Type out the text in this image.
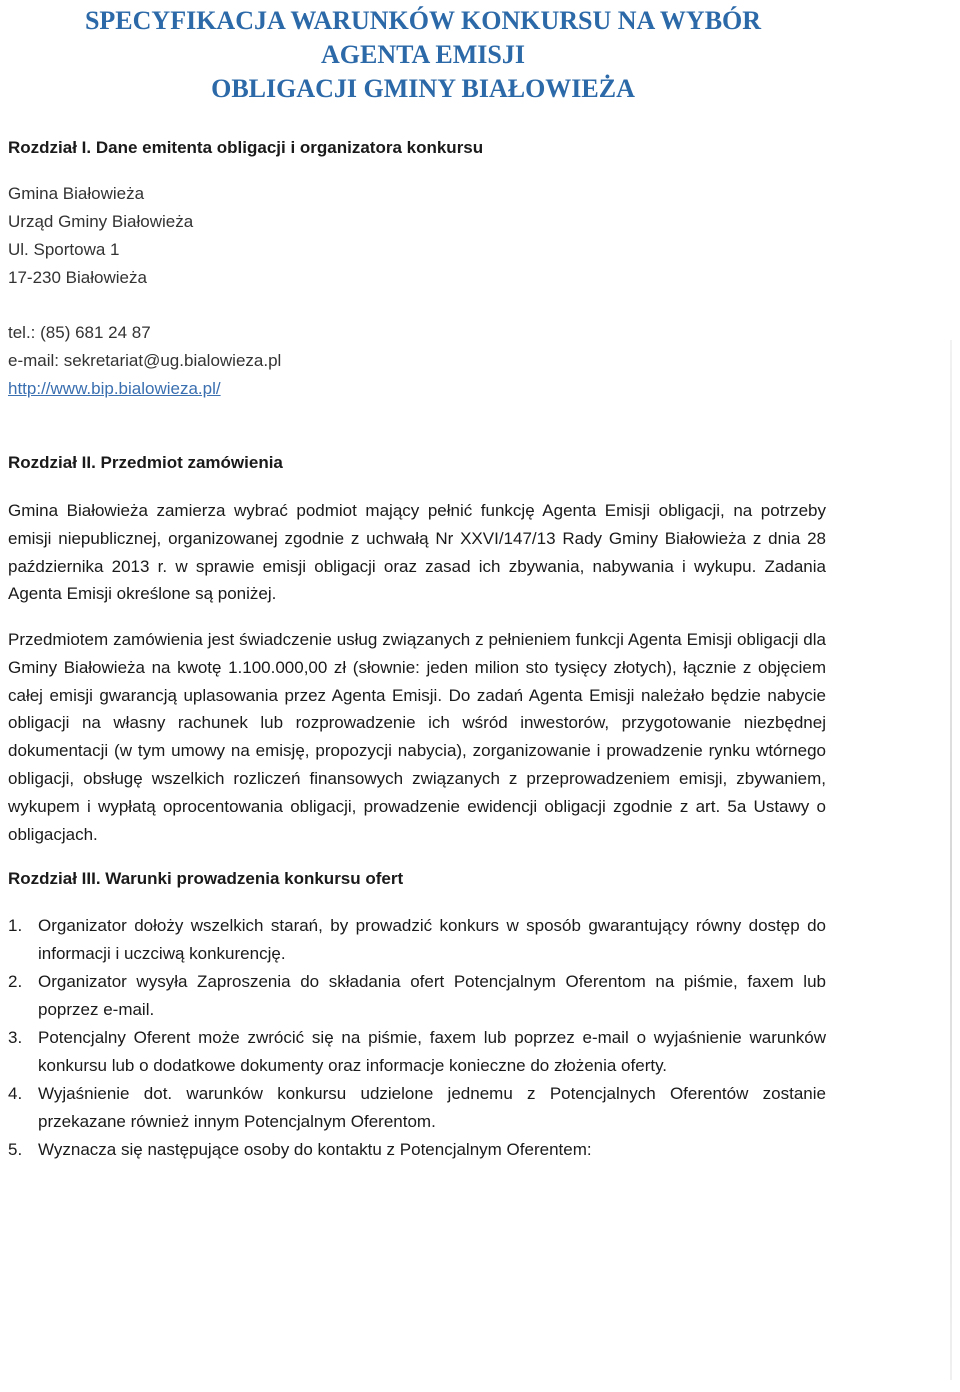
SPECYFIKACJA WARUNKÓW KONKURSU NA WYBÓR AGENTA EMISJI
OBLIGACJI GMINY BIAŁOWIEŻA
Rozdział I. Dane emitenta obligacji i organizatora konkursu

Gmina Białowieża

Urząd Gminy Białowieża

Ul. Sportowa 1

17-230 Białowieża

tel.: (85) 681 24 87

e-mail: sekretariat@ug.bialowieza.pl

http://www.bip.bialowieza.pl/

Rozdział II. Przedmiot zamówienia

Gmina Białowieża zamierza wybrać podmiot mający pełnić funkcję Agenta Emisji obligacji, na potrzeby emisji niepublicznej, organizowanej zgodnie z uchwałą Nr XXVI/147/13 Rady Gminy Białowieża z dnia 28 października 2013 r. w sprawie emisji obligacji oraz zasad ich zbywania, nabywania i wykupu. Zadania Agenta Emisji określone są poniżej.

Przedmiotem zamówienia jest świadczenie usług związanych z pełnieniem funkcji Agenta Emisji obligacji dla Gminy Białowieża na kwotę 1.100.000,00 zł (słownie: jeden milion sto tysięcy złotych), łącznie z objęciem całej emisji gwarancją uplasowania przez Agenta Emisji. Do zadań Agenta Emisji należało będzie nabycie obligacji na własny rachunek lub rozprowadzenie ich wśród inwestorów, przygotowanie niezbędnej dokumentacji (w tym umowy na emisję, propozycji nabycia), zorganizowanie i prowadzenie rynku wtórnego obligacji, obsługę wszelkich rozliczeń finansowych związanych z przeprowadzeniem emisji, zbywaniem, wykupem i wypłatą oprocentowania obligacji, prowadzenie ewidencji obligacji zgodnie z art. 5a Ustawy o obligacjach.

Rozdział III. Warunki prowadzenia konkursu ofert
1. Organizator dołoży wszelkich starań, by prowadzić konkurs w sposób gwarantujący równy dostęp do informacji i uczciwą konkurencję.
2. Organizator wysyła Zaproszenia do składania ofert Potencjalnym Oferentom na piśmie, faxem lub poprzez e-mail.
3. Potencjalny Oferent może zwrócić się na piśmie, faxem lub poprzez e-mail o wyjaśnienie warunków konkursu lub o dodatkowe dokumenty oraz informacje konieczne do złożenia oferty.
4. Wyjaśnienie dot. warunków konkursu udzielone jednemu z Potencjalnych Oferentów zostanie przekazane również innym Potencjalnym Oferentom.
5. Wyznacza się następujące osoby do kontaktu z Potencjalnym Oferentem:
